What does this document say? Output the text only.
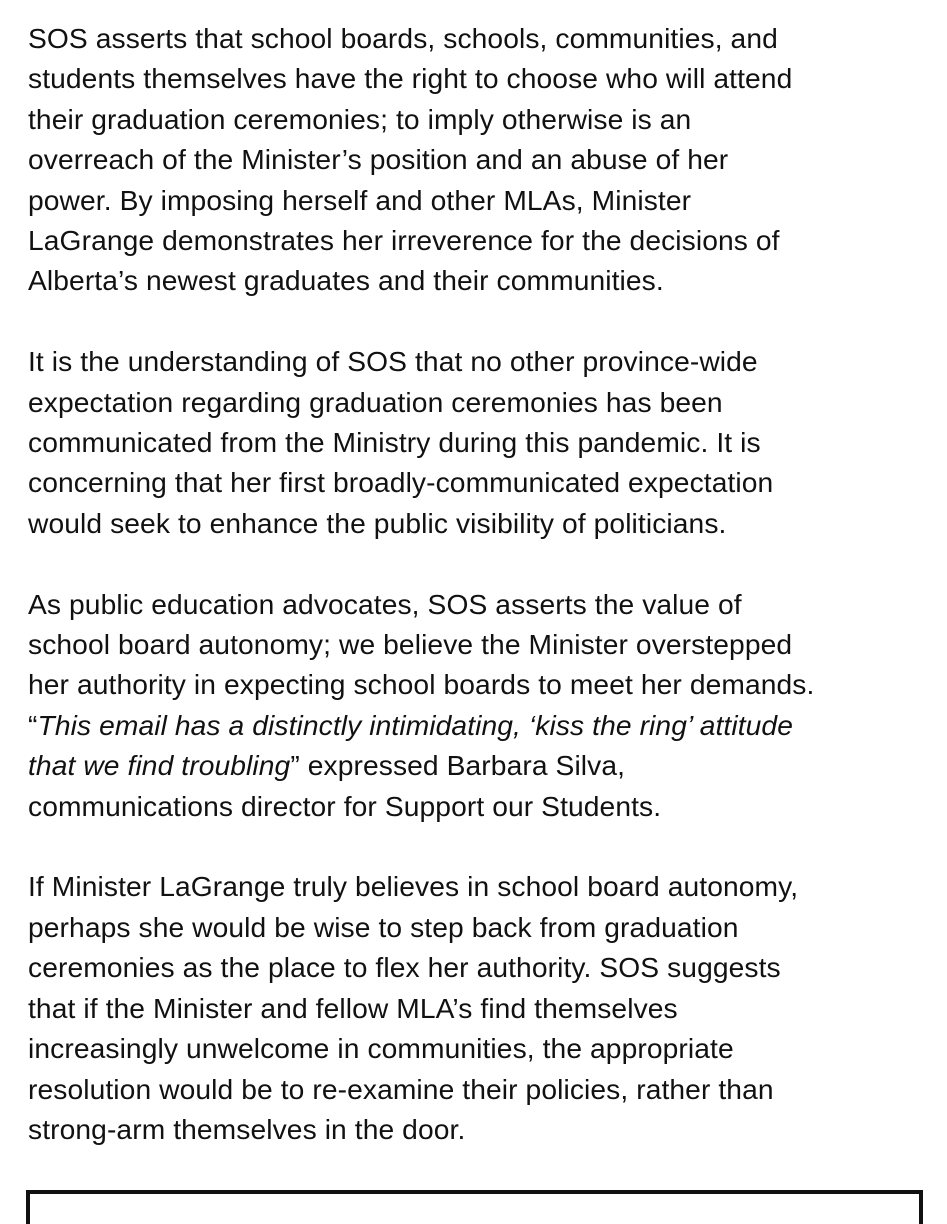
SOS asserts that school boards, schools, communities, and
students themselves have the right to choose who will attend
their graduation ceremonies; to imply otherwise is an
overreach of the Minister’s position and an abuse of her
power. By imposing herself and other MLAs, Minister
LaGrange demonstrates her irreverence for the decisions of
Alberta’s newest graduates and their communities.

It is the understanding of SOS that no other province-wide
expectation regarding graduation ceremonies has been
communicated from the Ministry during this pandemic. It is
concerning that her first broadly-communicated expectation
would seek to enhance the public visibility of politicians.

As public education advocates, SOS asserts the value of
school board autonomy; we believe the Minister overstepped
her authority in expecting school boards to meet her demands.
“This email has a distinctly intimidating, ‘kiss the ring’ attitude
that we find troubling” expressed Barbara Silva,
communications director for Support our Students.

If Minister LaGrange truly believes in school board autonomy,
perhaps she would be wise to step back from graduation
ceremonies as the place to flex her authority. SOS suggests
that if the Minister and fellow MLA’s find themselves
increasingly unwelcome in communities, the appropriate
resolution would be to re-examine their policies, rather than
strong-arm themselves in the door.
